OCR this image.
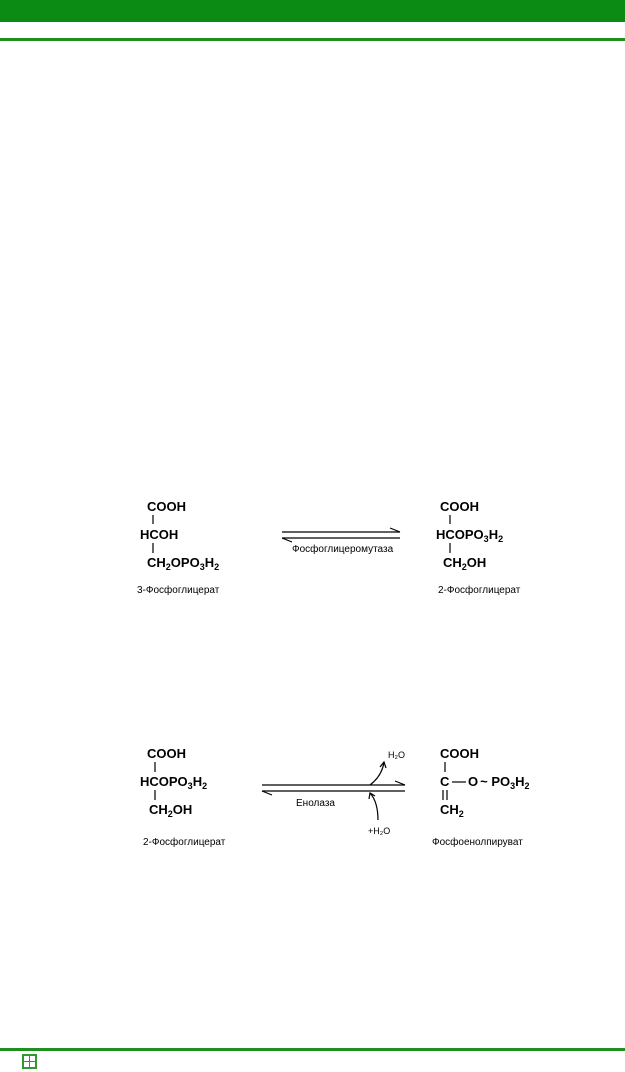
COOH
HCOH
$CH_2OPO_3H_2$
3-Фосфоглицерат
Фосфоглицеромутаза
COOH
$HCOPO_3H_2$
$CH_2OH$
2-Фосфоглицерат
COOH
$HCOPO_3H_2$
$CH_2OH$
2-Фосфоглицерат
H₂O
+H₂O
Енолаза
COOH
C O ~ $PO_3H_2$
$CH_2$
Фосфоенолпируват
